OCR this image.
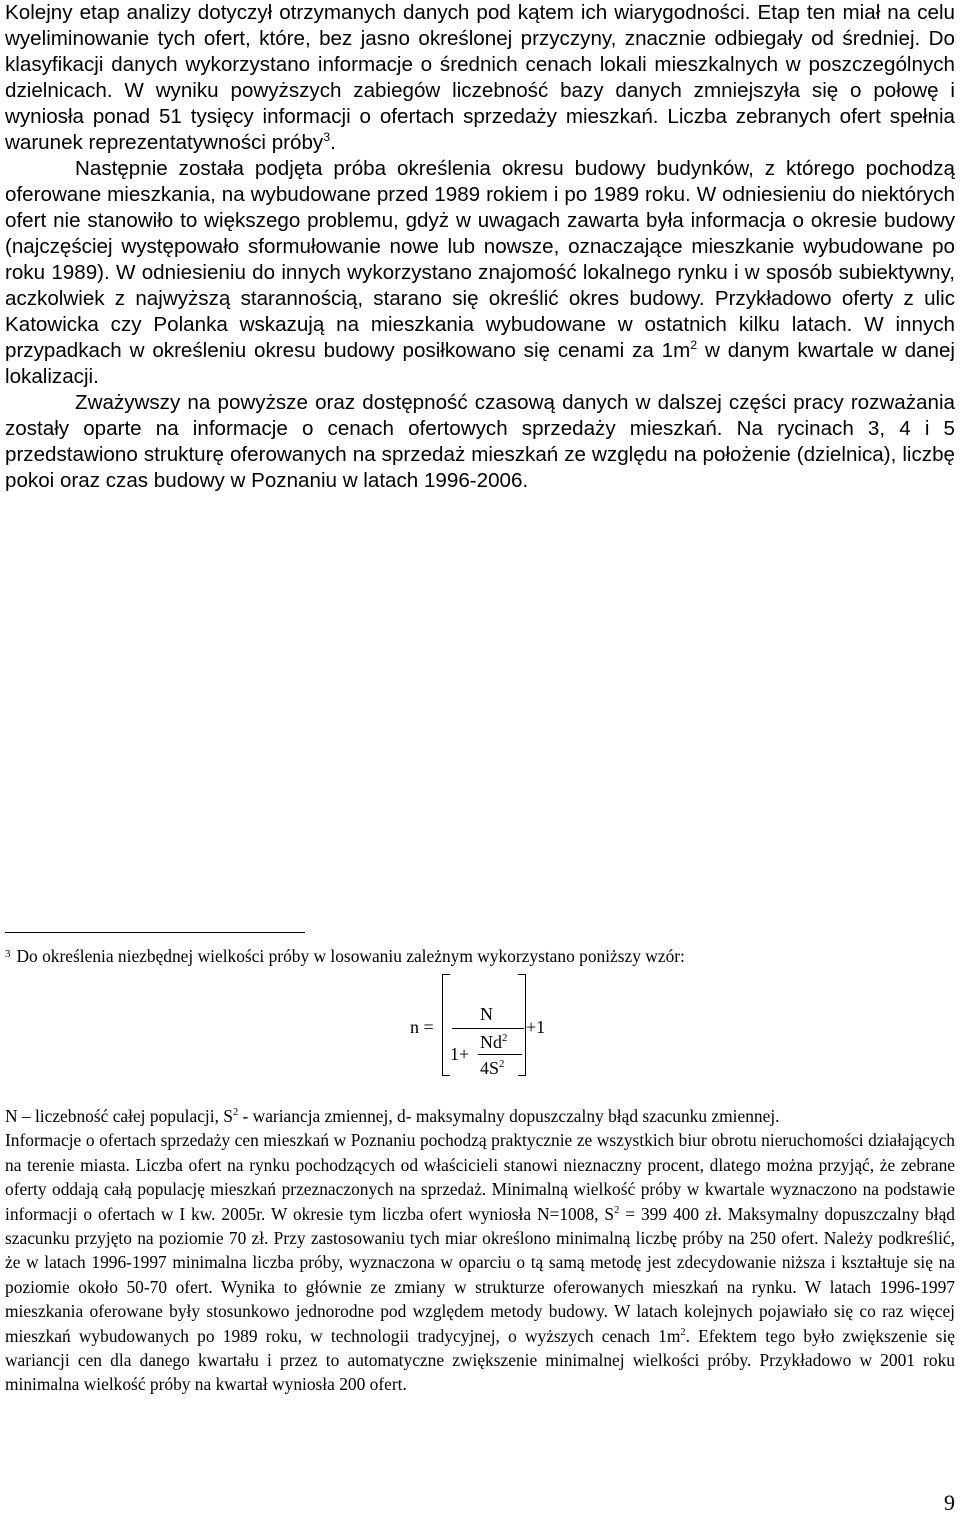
Kolejny etap analizy dotyczył otrzymanych danych pod kątem ich wiarygodności. Etap ten miał na celu wyeliminowanie tych ofert, które, bez jasno określonej przyczyny, znacznie odbiegały od średniej. Do klasyfikacji danych wykorzystano informacje o średnich cenach lokali mieszkalnych w poszczególnych dzielnicach. W wyniku powyższych zabiegów liczebność bazy danych zmniejszyła się o połowę i wyniosła ponad 51 tysięcy informacji o ofertach sprzedaży mieszkań. Liczba zebranych ofert spełnia warunek reprezentatywności próby$^3$.

Następnie została podjęta próba określenia okresu budowy budynków, z którego pochodzą oferowane mieszkania, na wybudowane przed 1989 rokiem i po 1989 roku. W odniesieniu do niektórych ofert nie stanowiło to większego problemu, gdyż w uwagach zawarta była informacja o okresie budowy (najczęściej występowało sformułowanie nowe lub nowsze, oznaczające mieszkanie wybudowane po roku 1989). W odniesieniu do innych wykorzystano znajomość lokalnego rynku i w sposób subiektywny, aczkolwiek z najwyższą starannością, starano się określić okres budowy. Przykładowo oferty z ulic Katowicka czy Polanka wskazują na mieszkania wybudowane w ostatnich kilku latach. W innych przypadkach w określeniu okresu budowy posiłkowano się cenami za $1m^2$ w danym kwartale w danej lokalizacji.

Zważywszy na powyższe oraz dostępność czasową danych w dalszej części pracy rozważania zostały oparte na informacje o cenach ofertowych sprzedaży mieszkań. Na rycinach 3, 4 i 5 przedstawiono strukturę oferowanych na sprzedaż mieszkań ze względu na położenie (dzielnica), liczbę pokoi oraz czas budowy w Poznaniu w latach 1996-2006.

$^3$ Do określenia niezbędnej wielkości próby w losowaniu zależnym wykorzystano poniższy wzór:

n =
N
1+
$Nd^2$
$4S^2$
+1

N – liczebność całej populacji, $S^2$ - wariancja zmiennej, d- maksymalny dopuszczalny błąd szacunku zmiennej.

Informacje o ofertach sprzedaży cen mieszkań w Poznaniu pochodzą praktycznie ze wszystkich biur obrotu nieruchomości działających na terenie miasta. Liczba ofert na rynku pochodzących od właścicieli stanowi nieznaczny procent, dlatego można przyjąć, że zebrane oferty oddają całą populację mieszkań przeznaczonych na sprzedaż. Minimalną wielkość próby w kwartale wyznaczono na podstawie informacji o ofertach w I kw. 2005r. W okresie tym liczba ofert wyniosła N=1008, $S^2 = 399$ 400 zł. Maksymalny dopuszczalny błąd szacunku przyjęto na poziomie 70 zł. Przy zastosowaniu tych miar określono minimalną liczbę próby na 250 ofert. Należy podkreślić, że w latach 1996-1997 minimalna liczba próby, wyznaczona w oparciu o tą samą metodę jest zdecydowanie niższa i kształtuje się na poziomie około 50-70 ofert. Wynika to głównie ze zmiany w strukturze oferowanych mieszkań na rynku. W latach 1996-1997 mieszkania oferowane były stosunkowo jednorodne pod względem metody budowy. W latach kolejnych pojawiało się co raz więcej mieszkań wybudowanych po 1989 roku, w technologii tradycyjnej, o wyższych cenach $1m^2$. Efektem tego było zwiększenie się wariancji cen dla danego kwartału i przez to automatyczne zwiększenie minimalnej wielkości próby. Przykładowo w 2001 roku minimalna wielkość próby na kwartał wyniosła 200 ofert.

9
